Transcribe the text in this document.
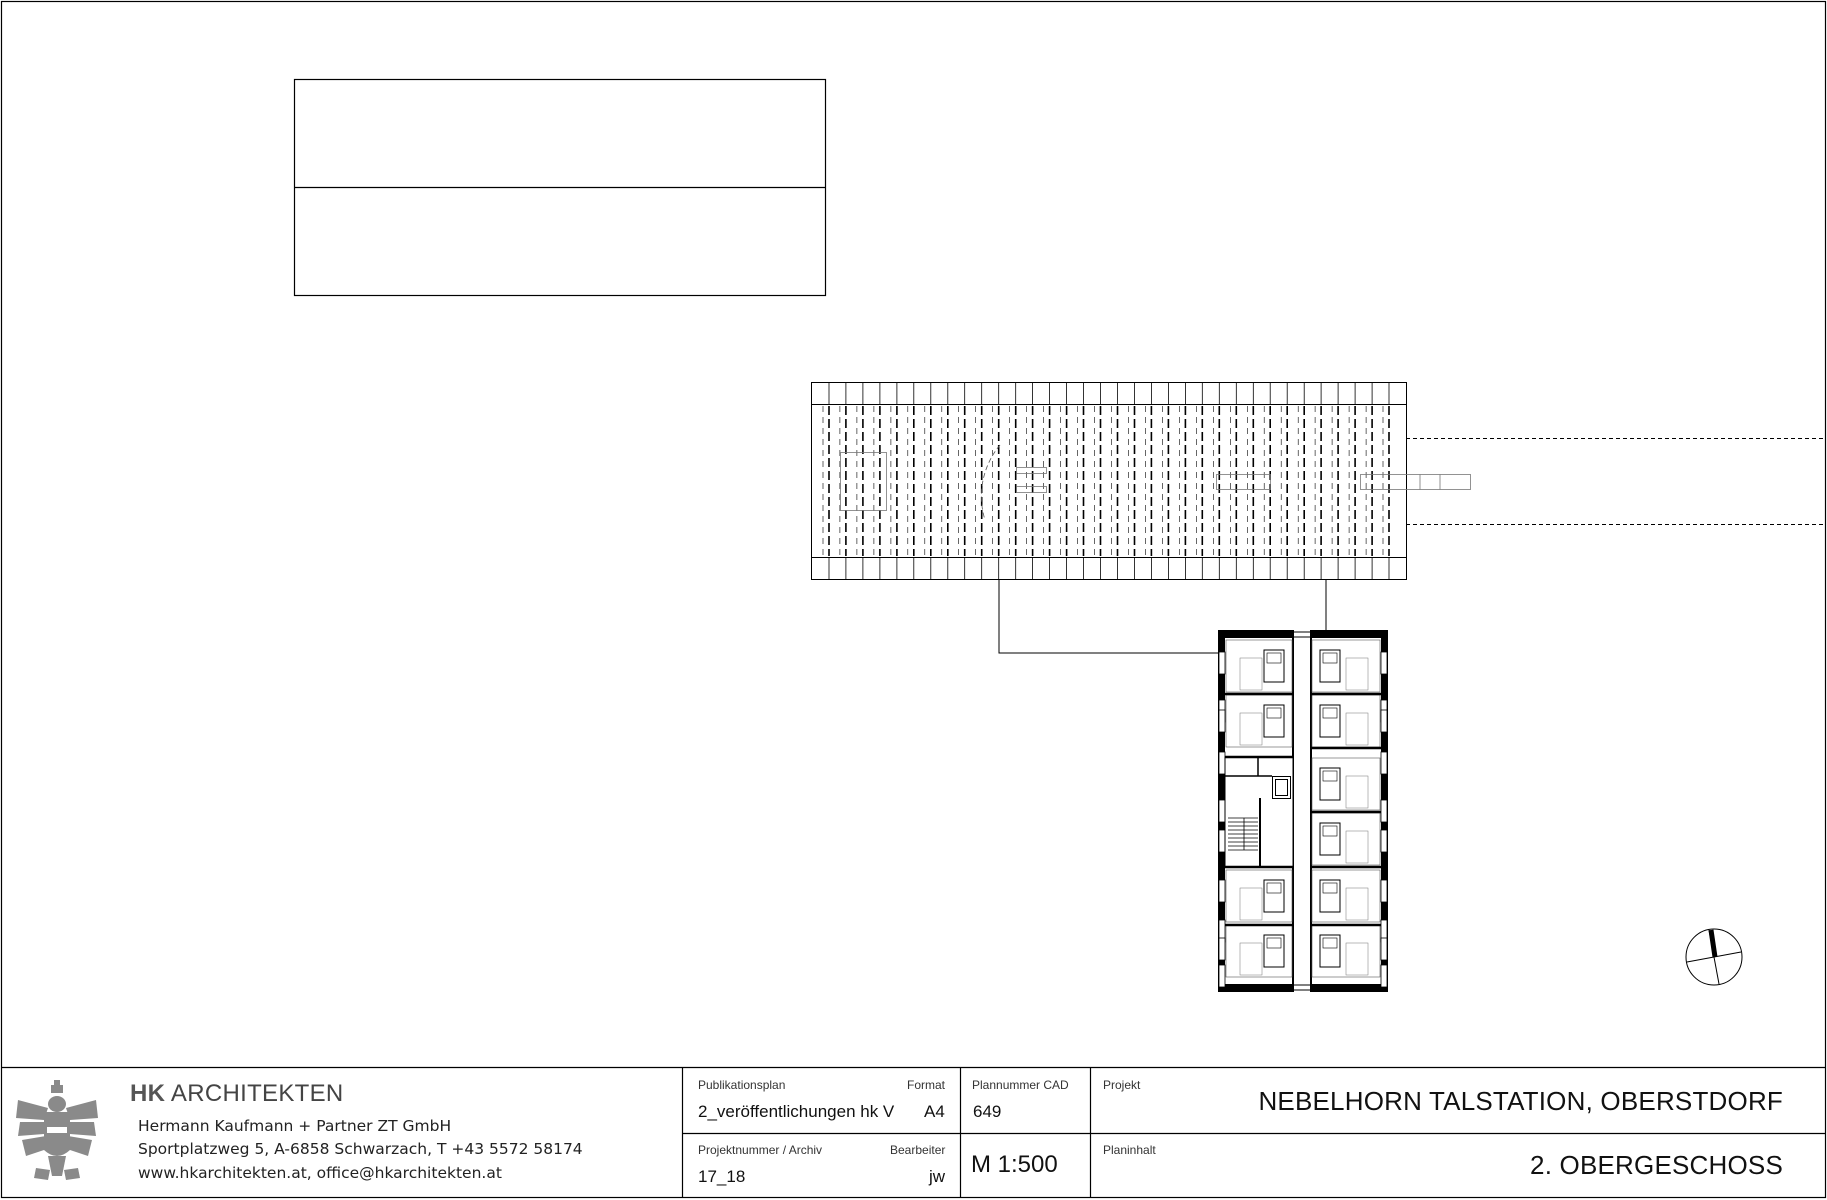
HK ARCHITEKTEN
Hermann Kaufmann + Partner ZT GmbH
Sportplatzweg 5, A-6858 Schwarzach, T +43 5572 58174
www.hkarchitekten.at, office@hkarchitekten.at
Publikationsplan
2_veröffentlichungen hk V
Format
A4
Plannummer CAD
649
Projekt
NEBELHORN TALSTATION, OBERSTDORF
Projektnummer / Archiv
17_18
Bearbeiter
jw M 1:500
Planinhalt	2. OBERGESCHOSS
